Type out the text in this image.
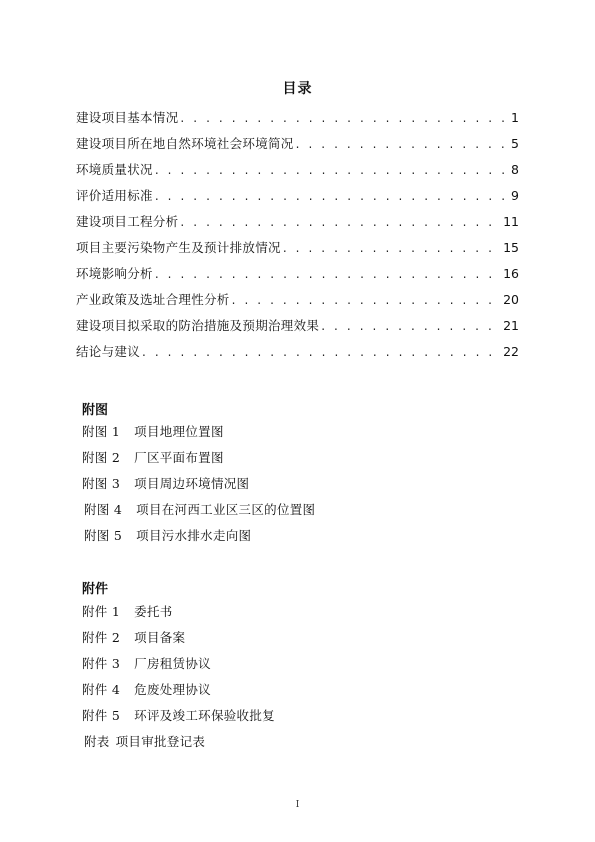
目录
建设项目基本情况 . . .	1
建设项目所在地自然环境社会环境简况 . . .	5
环境质量状况 . . .	8
评价适用标准 . . .	9
建设项目工程分析 . . .	11
项目主要污染物产生及预计排放情况 . . .	15
环境影响分析 . . .	16
产业政策及选址合理性分析 . . .	20
建设项目拟采取的防治措施及预期治理效果 . . .	21
结论与建议 . . .	22
附图
附图 1 项目地理位置图
附图 2 厂区平面布置图
附图 3 项目周边环境情况图
附图 4 项目在河西工业区三区的位置图
附图 5 项目污水排水走向图
附件
附件 1 委托书
附件 2 项目备案
附件 3 厂房租赁协议
附件 4 危废处理协议
附件 5 环评及竣工环保验收批复
附表 项目审批登记表
I
